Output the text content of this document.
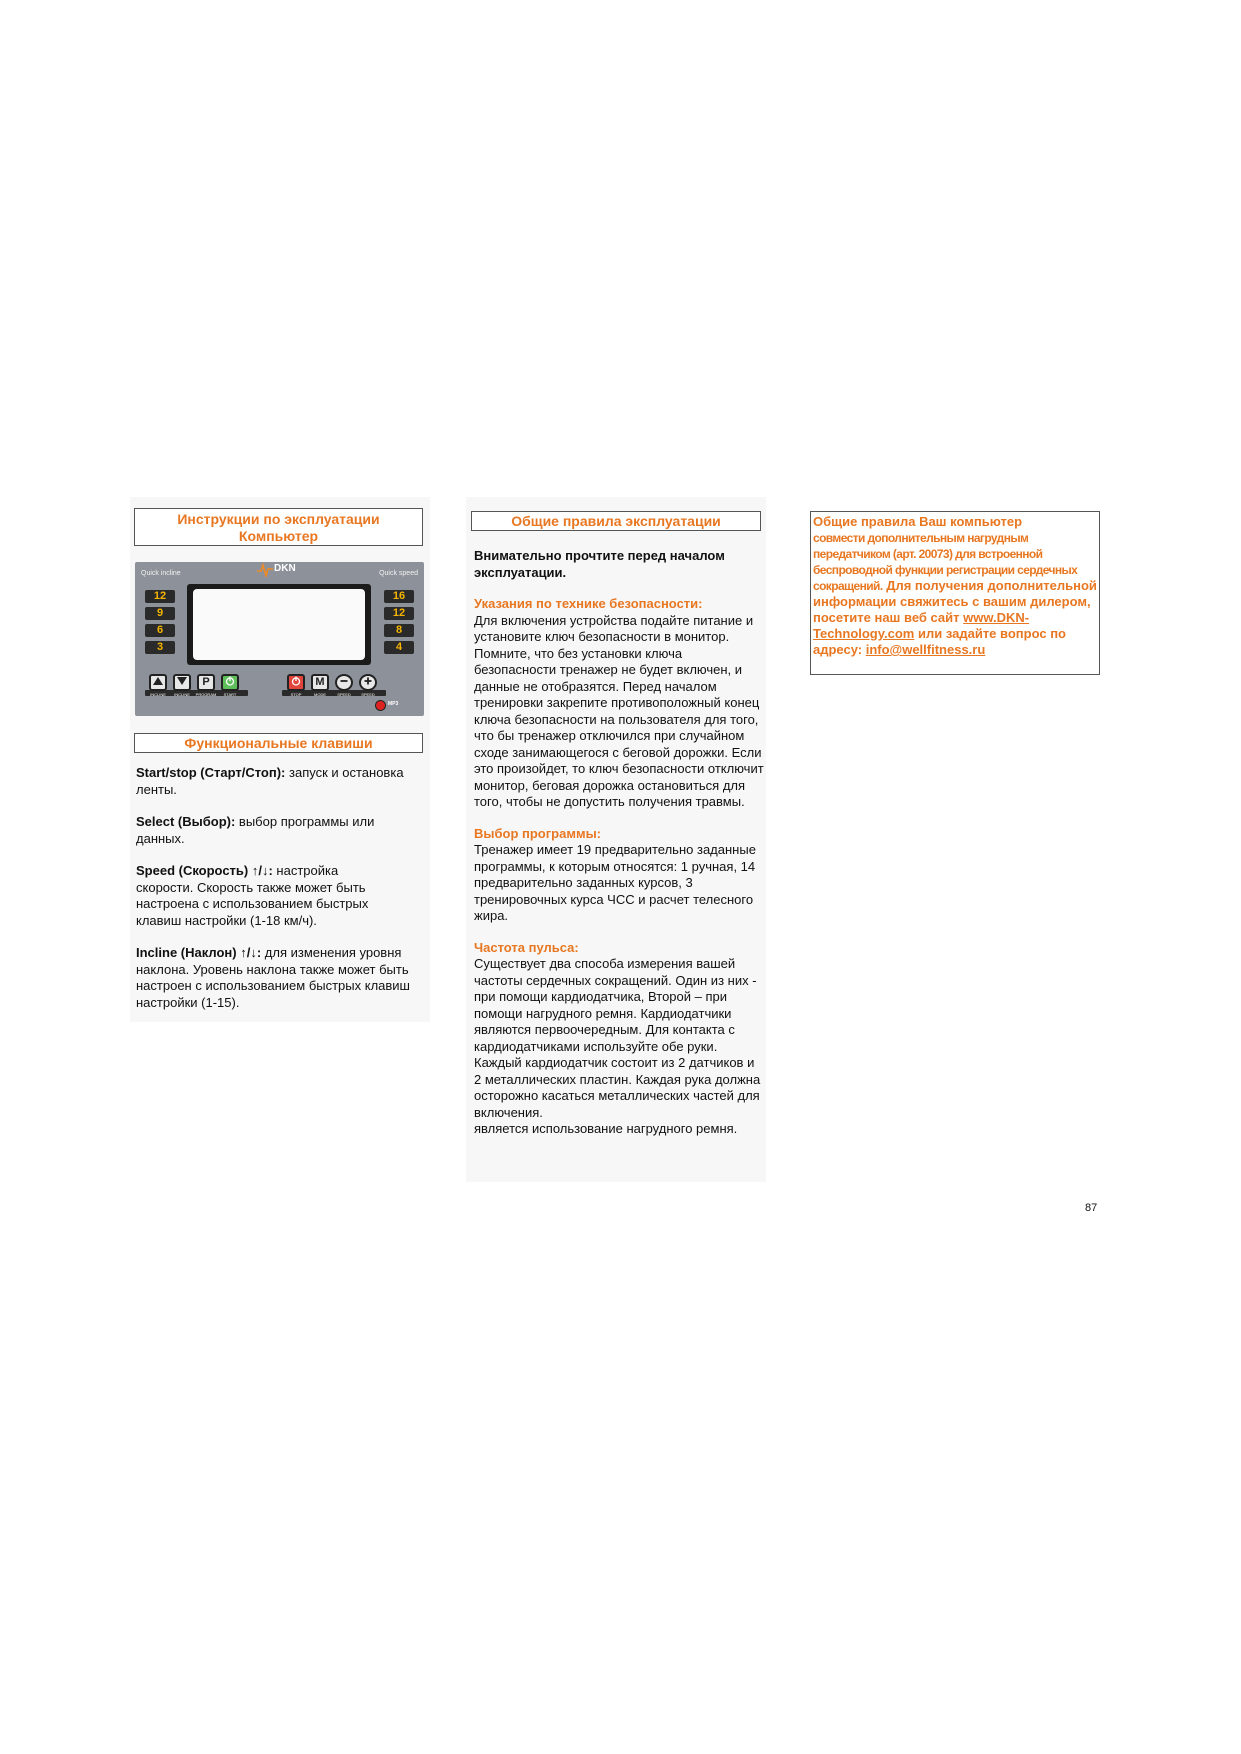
Инструкции по эксплуатации
Компьютер
Quick incline	Quick speed
DKN
12
9
6
3
16
12
8
4
P
INCLINE	INCLINE	PROGRAM	START
M
STOP	MODE	SPEED	SPEED
MP3
Функциональные клавиши

Start/stop (Старт/Стоп): запуск и остановка ленты.

Select (Выбор): выбор программы или данных.

Speed (Скорость) ↑/↓: настройка скорости. Скорость также может быть настроена с использованием быстрых клавиш настройки (1-18 км/ч).

Incline (Наклон) ↑/↓: для изменения уровня наклона. Уровень наклона также может быть настроен с использованием быстрых клавиш настройки (1-15).

Общие правила эксплуатации

Внимательно прочтите перед началом эксплуатации.

Указания по технике безопасности:

Для включения устройства подайте питание и установите ключ безопасности в монитор. Помните, что без установки ключа безопасности тренажер не будет включен, и данные не отобразятся. Перед началом тренировки закрепите противоположный конец ключа безопасности на пользователя для того, что бы тренажер отключился при случайном сходе занимающегося с беговой дорожки. Если это произойдет, то ключ безопасности отключит монитор, беговая дорожка остановиться для того, чтобы не допустить получения травмы.

Выбор программы:

Тренажер имеет 19 предварительно заданные программы, к которым относятся: 1 ручная, 14 предварительно заданных курсов, 3 тренировочных курса ЧСС и расчет телесного жира.

Частота пульса:

Существует два способа измерения вашей частоты сердечных сокращений. Один из них - при помощи кардиодатчика, Второй – при помощи нагрудного ремня. Кардиодатчики являются первоочередным. Для контакта с кардиодатчиками используйте обе руки. Каждый кардиодатчик состоит из 2 датчиков и 2 металлических пластин. Каждая рука должна осторожно касаться металлических частей для включения.

является использование нагрудного ремня.

Общие правила Ваш компьютер
совмести дополнительным нагрудным передатчиком (арт. 20073) для встроенной беспроводной функции регистрации сердечных сокращений. Для получения дополнительной информации свяжитесь с вашим дилером, посетите наш веб сайт www.DKN-Technology.com или задайте вопрос по адресу: info@wellfitness.ru
87
